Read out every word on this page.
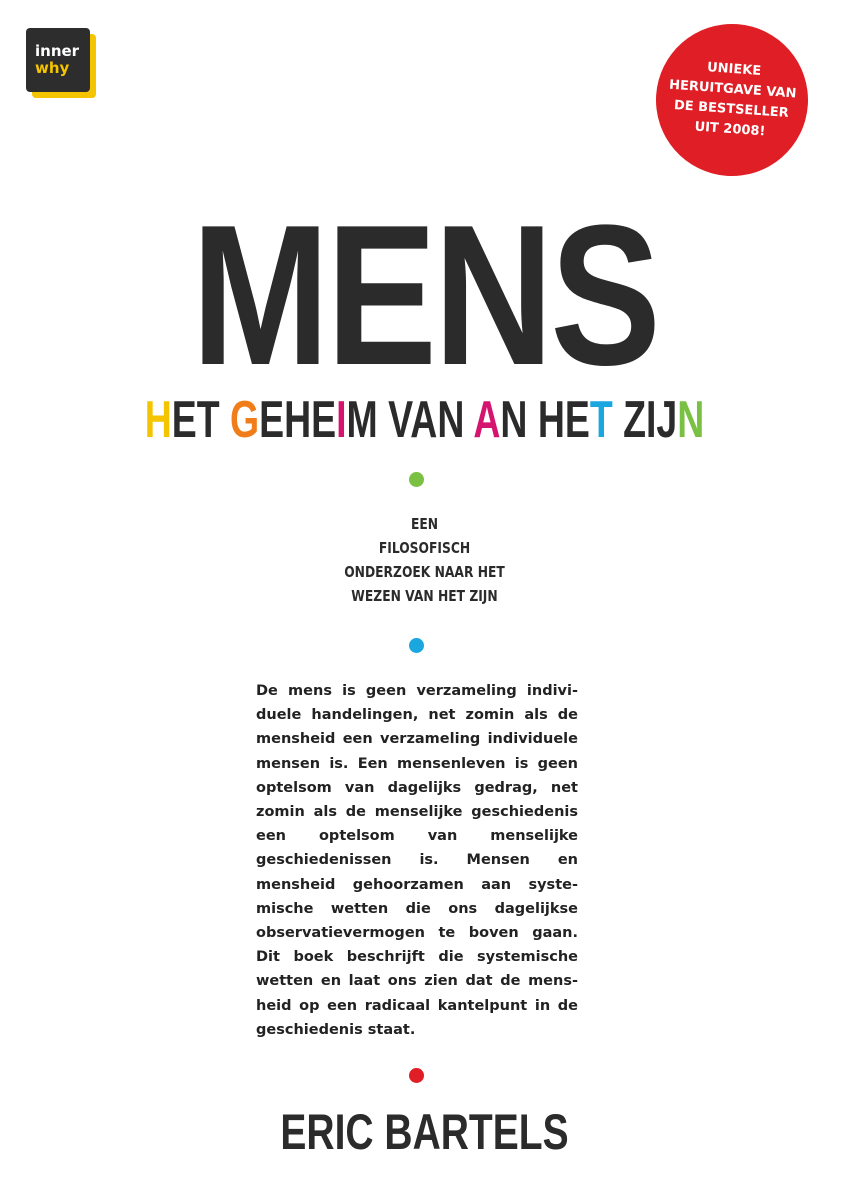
inner
why	UNIEKE
HERUITGAVE VAN
DE BESTSELLER
UIT 2008!
MENS
HET GEHEIM VAN AN HET ZIJN
EEN
FILOSOFISCH
ONDERZOEK NAAR HET
WEZEN VAN HET ZIJN

De mens is geen verzameling individuele handelingen, net zomin als de mensheid een verzameling individuele mensen is. Een mensenleven is geen optelsom van dagelijks gedrag, net zomin als de menselijke geschiedenis een optelsom van menselijke geschiedenissen is. Mensen en mensheid gehoorzamen aan systemische wetten die ons dagelijkse observatievermogen te boven gaan. Dit boek beschrijft die systemische wetten en laat ons zien dat de mensheid op een radicaal kantelpunt in de geschiedenis staat.

ERIC BARTELS
